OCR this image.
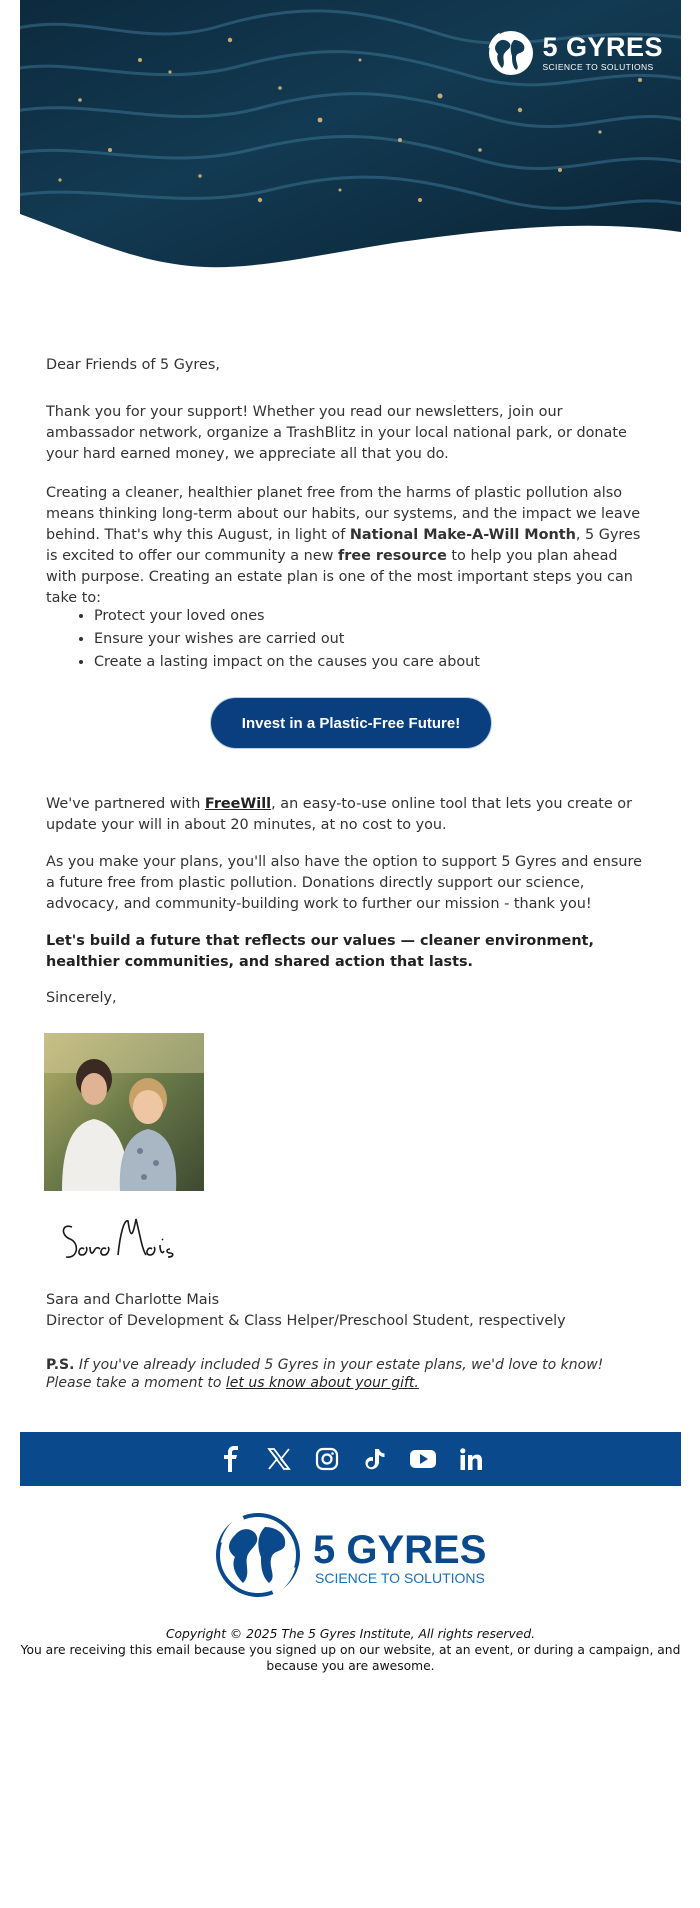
5 GYRES
SCIENCE TO SOLUTIONS

Dear Friends of 5 Gyres,

Thank you for your support! Whether you read our newsletters, join our ambassador network, organize a TrashBlitz in your local national park, or donate your hard earned money, we appreciate all that you do.

Creating a cleaner, healthier planet free from the harms of plastic pollution also means thinking long-term about our habits, our systems, and the impact we leave behind. That's why this August, in light of National Make-A-Will Month, 5 Gyres is excited to offer our community a new free resource to help you plan ahead with purpose. Creating an estate plan is one of the most important steps you can take to:

• Protect your loved ones
• Ensure your wishes are carried out
• Create a lasting impact on the causes you care about
Invest in a Plastic-Free Future!

We've partnered with FreeWill, an easy-to-use online tool that lets you create or update your will in about 20 minutes, at no cost to you.

As you make your plans, you'll also have the option to support 5 Gyres and ensure a future free from plastic pollution. Donations directly support our science, advocacy, and community-building work to further our mission - thank you!

Let's build a future that reflects our values — cleaner environment, healthier communities, and shared action that lasts.

Sincerely,

Sara and Charlotte Mais
Director of Development & Class Helper/Preschool Student, respectively

P.S. If you've already included 5 Gyres in your estate plans, we'd love to know! Please take a moment to let us know about your gift.

5 GYRES
SCIENCE TO SOLUTIONS
Copyright © 2025 The 5 Gyres Institute, All rights reserved.
You are receiving this email because you signed up on our website, at an event, or during a campaign, and because you are awesome.
